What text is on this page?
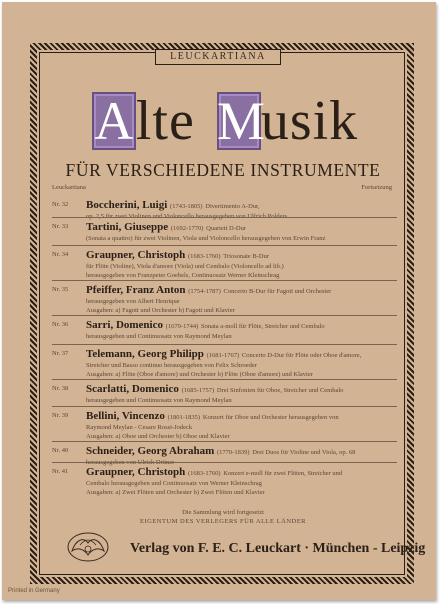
LEUCKARTIANA
A lte M
usik
FÜR VERSCHIEDENE INSTRUMENTE
Leuckartiana	Fortsetzung
Nr. 32 Boccherini, Luigi (1743-1805) Divertimento A-Dur,
op. 2,5 für zwei Violinen und Violoncello herausgegeben von Ulfrich Polders
Nr. 33 Tartini, Giuseppe (1692-1770) Quartett D-Dur
(Sonata a quattro) für zwei Violinen, Viola und Violoncello herausgegeben von Erwin Franz
Nr. 34 Graupner, Christoph (1683-1760) Triosonate B-Dur
für Flöte (Violine), Viola d'amore (Viola) und Cembalo (Violoncello ad lib.)
herausgegeben von Franzpeter Goebels, Continuosatz Werner Kleinschrag
Nr. 35 Pfeiffer, Franz Anton (1754-1787) Concerto B-Dur für Fagott und Orchester
herausgegeben von Albert Henrique
Ausgaben: a) Fagott und Orchester b) Fagott und Klavier
Nr. 36 Sarri, Domenico (1679-1744) Sonata a-moll für Flöte, Streicher und Cembalo
herausgegeben und Continuosatz von Raymond Meylan
Nr. 37 Telemann, Georg Philipp (1681-1767) Concerto D-Dur für Flöte oder Oboe d'amore,
Streicher und Basso continuo herausgegeben von Felix Schroeder
Ausgaben: a) Flöte (Oboe d'amore) und Orchester b) Flöte (Oboe d'amore) und Klavier
Nr. 38 Scarlatti, Domenico (1685-1757) Drei Sinfonien für Oboe, Streicher und Cembalo
herausgegeben und Continuosatz von Raymond Meylan
Nr. 39 Bellini, Vincenzo (1801-1835) Konzert für Oboe und Orchester herausgegeben von
Raymond Meylan - Cesare Rossi-Jodeck
Ausgaben: a) Oboe und Orchester b) Oboe und Klavier
Nr. 40 Schneider, Georg Abraham (1770-1839) Drei Duos für Violine und Viola, op. 68
herausgegeben von Ulrich Drüner
Nr. 41 Graupner, Christoph (1683-1760) Konzert e-moll für zwei Flöten, Streicher und
Cembalo herausgegeben und Continuosatz von Werner Kleinschrag
Ausgaben: a) Zwei Flöten und Orchester b) Zwei Flöten und Klavier
Die Sammlung wird fortgesetzt
EIGENTUM DES VERLEGERS FÜR ALLE LÄNDER
Verlag von F. E. C. Leuckart · München - Leipzig
Printed in Germany
